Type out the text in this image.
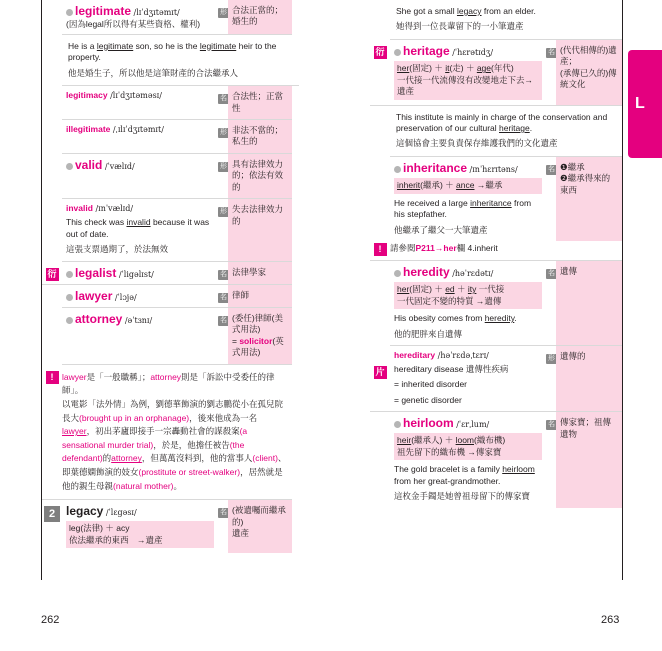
legitimate /lɪˈdʒɪtəmɪt/
(因為legal所以得有某些資格、權利)
形 合法正當的；婚生的
He is a legitimate son, so he is the legitimate heir to the property.
他是婚生子，所以他是這筆財產的合法繼承人
legitimacy /lɪˈdʒɪtəməsɪ/	名 合法性；正當性
illegitimate /ˌɪlɪˈdʒɪtəmɪt/	形 非法不當的；私生的
valid /ˈvælɪd/	形 具有法律效力的；依法有效的
invalid /ɪnˈvælɪd/
This check was invalid because it was out of date.
這張支票過期了，於法無效
形 失去法律效力的
衍	legalist /ˈligəlɪst/	名 法律學家
lawyer /ˈlɔjə/	名 律師
attorney /əˈtɜnɪ/	名 (委任)律師(美式用法)
= solicitor(英式用法)
!	lawyer是「一般職稱」；attorney則是「訴訟中受委任的律師」。
以電影「法外情」為例，劉德華飾演的劉志鵬從小在孤兒院長大(brought up in an orphanage)，後來他成為一名lawyer，初出茅廬即接手一宗轟動社會的謀殺案(a sensational murder trial)，於是，他擔任被告(the defendant)的attorney，但萬萬沒料到，他的當事人(client)、即葉德嫻飾演的妓女(prostitute or street-walker)，居然就是他的親生母親(natural mother)。
2 legacy /ˈlɛgəsɪ/
leg(法律) ＋ acy
依法繼承的東西　→遺產
名 (被遺囑而繼承的)
遺產
She got a small legacy from an elder.
她得到一位長輩留下的一小筆遺產
衍	heritage /ˈhɛrətɪdʒ/
her(固定) ＋ it(走) ＋ age(年代)
一代接一代流傳沒有改變地走下去→遺產
名 (代代相傳的)遺產；
(承傳已久的)傳統文化
This institute is mainly in charge of the conservation and preservation of our cultural heritage.
這個協會主要負責保存維護我們的文化遺產
inheritance /ɪnˈhɛrɪtəns/
inherit(繼承) ＋ ance →繼承
He received a large inheritance from his stepfather.
他繼承了繼父一大筆遺產
名 ❶繼承
❷繼承得來的東西
!	請參閱P211→her欄 4.inherit
heredity /həˈrɛdətɪ/
her(固定) ＋ ed ＋ ity 一代接
一代固定不變的特質 →遺傳
His obesity comes from heredity.
他的肥胖來自遺傳
名 遺傳
片
hereditary /həˈrɛdəˌtɛrɪ/
hereditary disease 遺傳性疾病
= inherited disorder
= genetic disorder
形 遺傳的
heirloom /ˈɛrˌlum/
heir(繼承人) ＋ loom(織布機)
祖先留下的織布機 →傳家寶
The gold bracelet is a family heirloom from her great-grandmother.
這枚金手鐲是她曾祖母留下的傳家寶
名 傳家寶；祖傳遺物
L
262	263
